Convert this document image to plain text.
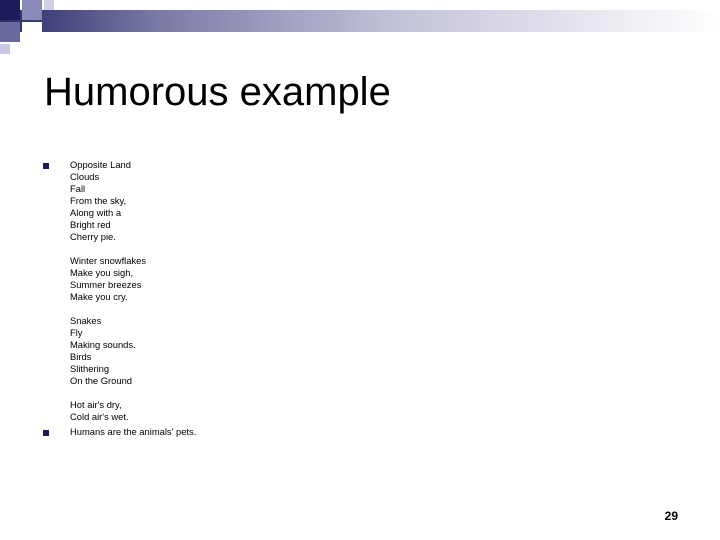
Humorous example
Opposite Land
Clouds
Fall
From the sky,
Along with a
Bright red
Cherry pie.
Winter snowflakes
Make you sigh,
Summer breezes
Make you cry.
Snakes
Fly
Making sounds.
Birds
Slithering
On the Ground
Hot air's dry,
Cold air's wet.
Humans are the animals' pets.
29
